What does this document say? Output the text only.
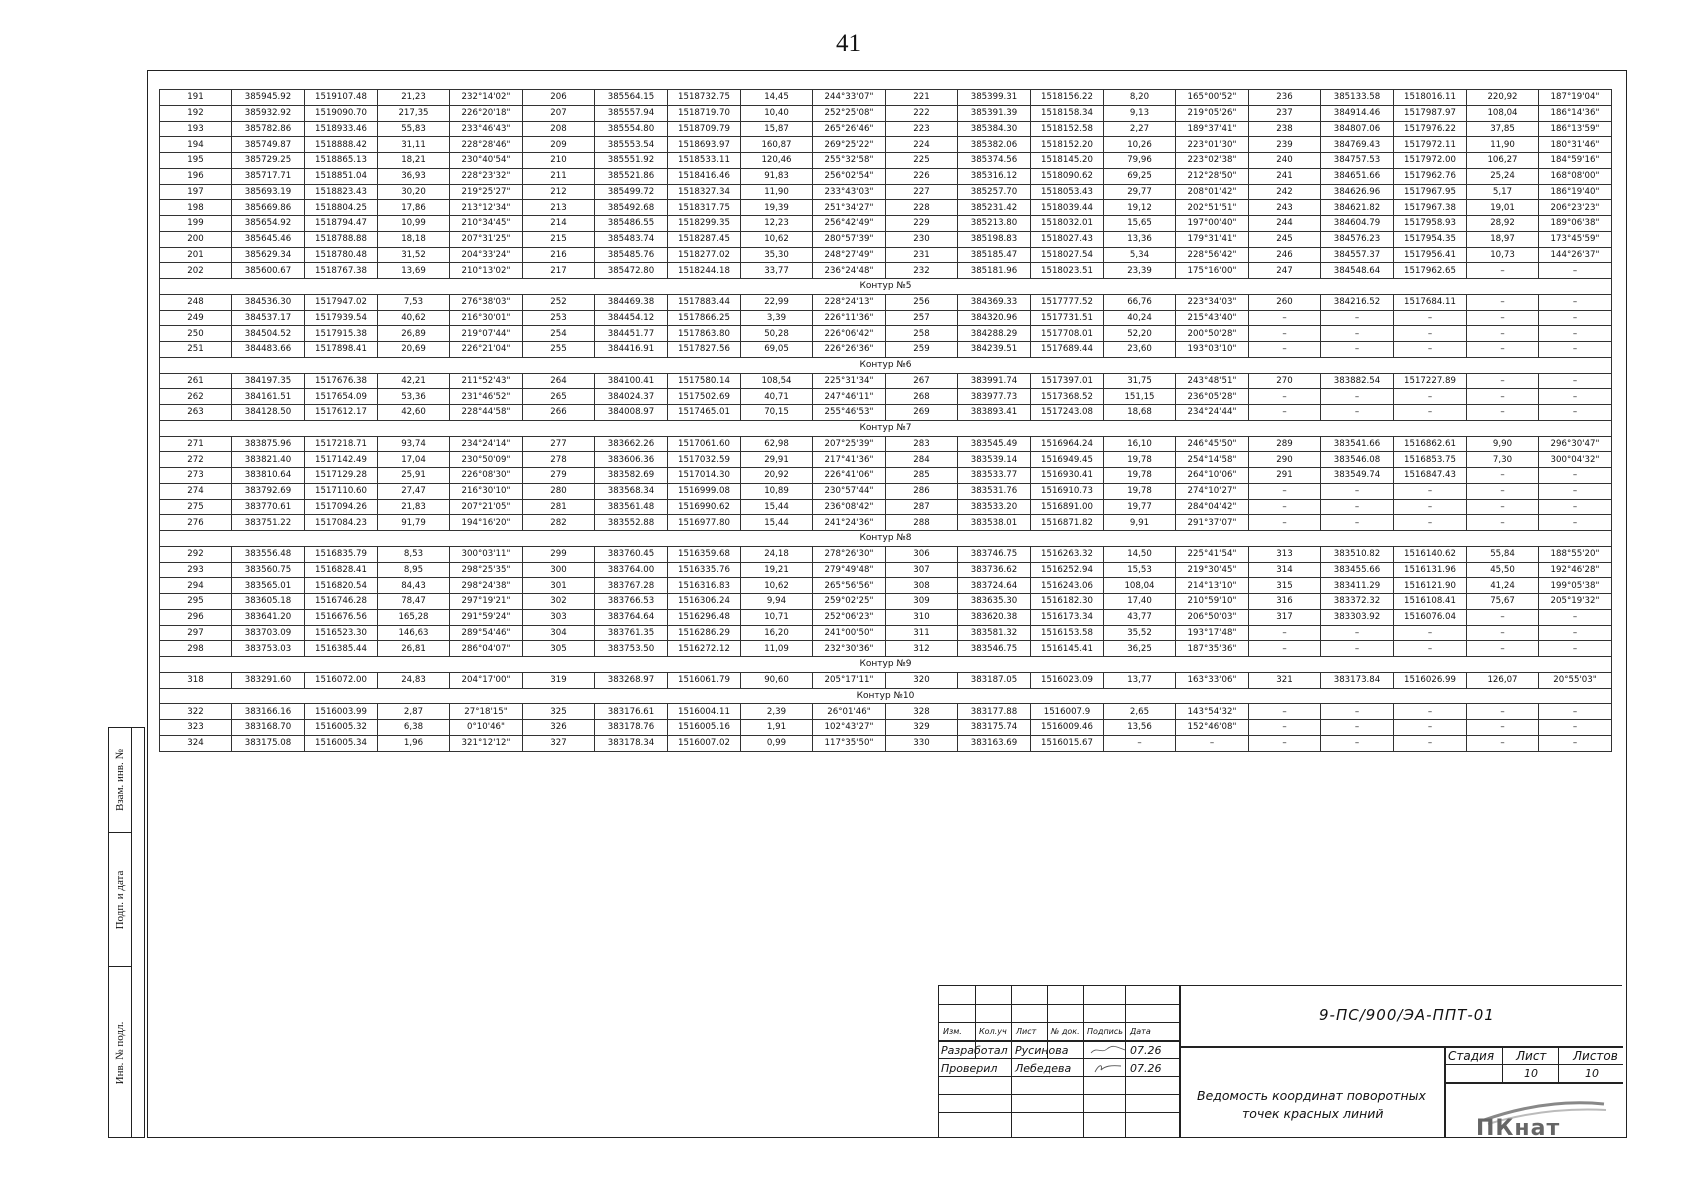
41
Взам. инв. №
Подп. и дата
Инв. № подл.
191	385945.92	1519107.48	21,23	232°14'02"	206	385564.15	1518732.75	14,45	244°33'07"	221	385399.31	1518156.22	8,20	165°00'52"	236	385133.58	1518016.11	220,92	187°19'04"
192	385932.92	1519090.70	217,35	226°20'18"	207	385557.94	1518719.70	10,40	252°25'08"	222	385391.39	1518158.34	9,13	219°05'26"	237	384914.46	1517987.97	108,04	186°14'36"
193	385782.86	1518933.46	55,83	233°46'43"	208	385554.80	1518709.79	15,87	265°26'46"	223	385384.30	1518152.58	2,27	189°37'41"	238	384807.06	1517976.22	37,85	186°13'59"
194	385749.87	1518888.42	31,11	228°28'46"	209	385553.54	1518693.97	160,87	269°25'22"	224	385382.06	1518152.20	10,26	223°01'30"	239	384769.43	1517972.11	11,90	180°31'46"
195	385729.25	1518865.13	18,21	230°40'54"	210	385551.92	1518533.11	120,46	255°32'58"	225	385374.56	1518145.20	79,96	223°02'38"	240	384757.53	1517972.00	106,27	184°59'16"
196	385717.71	1518851.04	36,93	228°23'32"	211	385521.86	1518416.46	91,83	256°02'54"	226	385316.12	1518090.62	69,25	212°28'50"	241	384651.66	1517962.76	25,24	168°08'00"
197	385693.19	1518823.43	30,20	219°25'27"	212	385499.72	1518327.34	11,90	233°43'03"	227	385257.70	1518053.43	29,77	208°01'42"	242	384626.96	1517967.95	5,17	186°19'40"
198	385669.86	1518804.25	17,86	213°12'34"	213	385492.68	1518317.75	19,39	251°34'27"	228	385231.42	1518039.44	19,12	202°51'51"	243	384621.82	1517967.38	19,01	206°23'23"
199	385654.92	1518794.47	10,99	210°34'45"	214	385486.55	1518299.35	12,23	256°42'49"	229	385213.80	1518032.01	15,65	197°00'40"	244	384604.79	1517958.93	28,92	189°06'38"
200	385645.46	1518788.88	18,18	207°31'25"	215	385483.74	1518287.45	10,62	280°57'39"	230	385198.83	1518027.43	13,36	179°31'41"	245	384576.23	1517954.35	18,97	173°45'59"
201	385629.34	1518780.48	31,52	204°33'24"	216	385485.76	1518277.02	35,30	248°27'49"	231	385185.47	1518027.54	5,34	228°56'42"	246	384557.37	1517956.41	10,73	144°26'37"
202	385600.67	1518767.38	13,69	210°13'02"	217	385472.80	1518244.18	33,77	236°24'48"	232	385181.96	1518023.51	23,39	175°16'00"	247	384548.64	1517962.65	–	–
Контур №5																			
248	384536.30	1517947.02	7,53	276°38'03"	252	384469.38	1517883.44	22,99	228°24'13"	256	384369.33	1517777.52	66,76	223°34'03"	260	384216.52	1517684.11	–	–
249	384537.17	1517939.54	40,62	216°30'01"	253	384454.12	1517866.25	3,39	226°11'36"	257	384320.96	1517731.51	40,24	215°43'40"	–	–	–	–	–
250	384504.52	1517915.38	26,89	219°07'44"	254	384451.77	1517863.80	50,28	226°06'42"	258	384288.29	1517708.01	52,20	200°50'28"	–	–	–	–	–
251	384483.66	1517898.41	20,69	226°21'04"	255	384416.91	1517827.56	69,05	226°26'36"	259	384239.51	1517689.44	23,60	193°03'10"	–	–	–	–	–
Контур №6																			
261	384197.35	1517676.38	42,21	211°52'43"	264	384100.41	1517580.14	108,54	225°31'34"	267	383991.74	1517397.01	31,75	243°48'51"	270	383882.54	1517227.89	–	–
262	384161.51	1517654.09	53,36	231°46'52"	265	384024.37	1517502.69	40,71	247°46'11"	268	383977.73	1517368.52	151,15	236°05'28"	–	–	–	–	–
263	384128.50	1517612.17	42,60	228°44'58"	266	384008.97	1517465.01	70,15	255°46'53"	269	383893.41	1517243.08	18,68	234°24'44"	–	–	–	–	–
Контур №7																			
271	383875.96	1517218.71	93,74	234°24'14"	277	383662.26	1517061.60	62,98	207°25'39"	283	383545.49	1516964.24	16,10	246°45'50"	289	383541.66	1516862.61	9,90	296°30'47"
272	383821.40	1517142.49	17,04	230°50'09"	278	383606.36	1517032.59	29,91	217°41'36"	284	383539.14	1516949.45	19,78	254°14'58"	290	383546.08	1516853.75	7,30	300°04'32"
273	383810.64	1517129.28	25,91	226°08'30"	279	383582.69	1517014.30	20,92	226°41'06"	285	383533.77	1516930.41	19,78	264°10'06"	291	383549.74	1516847.43	–	–
274	383792.69	1517110.60	27,47	216°30'10"	280	383568.34	1516999.08	10,89	230°57'44"	286	383531.76	1516910.73	19,78	274°10'27"	–	–	–	–	–
275	383770.61	1517094.26	21,83	207°21'05"	281	383561.48	1516990.62	15,44	236°08'42"	287	383533.20	1516891.00	19,77	284°04'42"	–	–	–	–	–
276	383751.22	1517084.23	91,79	194°16'20"	282	383552.88	1516977.80	15,44	241°24'36"	288	383538.01	1516871.82	9,91	291°37'07"	–	–	–	–	–
Контур №8																			
292	383556.48	1516835.79	8,53	300°03'11"	299	383760.45	1516359.68	24,18	278°26'30"	306	383746.75	1516263.32	14,50	225°41'54"	313	383510.82	1516140.62	55,84	188°55'20"
293	383560.75	1516828.41	8,95	298°25'35"	300	383764.00	1516335.76	19,21	279°49'48"	307	383736.62	1516252.94	15,53	219°30'45"	314	383455.66	1516131.96	45,50	192°46'28"
294	383565.01	1516820.54	84,43	298°24'38"	301	383767.28	1516316.83	10,62	265°56'56"	308	383724.64	1516243.06	108,04	214°13'10"	315	383411.29	1516121.90	41,24	199°05'38"
295	383605.18	1516746.28	78,47	297°19'21"	302	383766.53	1516306.24	9,94	259°02'25"	309	383635.30	1516182.30	17,40	210°59'10"	316	383372.32	1516108.41	75,67	205°19'32"
296	383641.20	1516676.56	165,28	291°59'24"	303	383764.64	1516296.48	10,71	252°06'23"	310	383620.38	1516173.34	43,77	206°50'03"	317	383303.92	1516076.04	–	–
297	383703.09	1516523.30	146,63	289°54'46"	304	383761.35	1516286.29	16,20	241°00'50"	311	383581.32	1516153.58	35,52	193°17'48"	–	–	–	–	–
298	383753.03	1516385.44	26,81	286°04'07"	305	383753.50	1516272.12	11,09	232°30'36"	312	383546.75	1516145.41	36,25	187°35'36"	–	–	–	–	–
Контур №9																			
318	383291.60	1516072.00	24,83	204°17'00"	319	383268.97	1516061.79	90,60	205°17'11"	320	383187.05	1516023.09	13,77	163°33'06"	321	383173.84	1516026.99	126,07	20°55'03"
Контур №10																			
322	383166.16	1516003.99	2,87	27°18'15"	325	383176.61	1516004.11	2,39	26°01'46"	328	383177.88	1516007.9	2,65	143°54'32"	–	–	–	–	–
323	383168.70	1516005.32	6,38	0°10'46"	326	383178.76	1516005.16	1,91	102°43'27"	329	383175.74	1516009.46	13,56	152°46'08"	–	–	–	–	–
324	383175.08	1516005.34	1,96	321°12'12"	327	383178.34	1516007.02	0,99	117°35'50"	330	383163.69	1516015.67	–	–	–	–	–	–	–
Изм. Кол.уч Лист № док. Подпись Дата
Разработал Русинова	07.26
Проверил Лебедева	07.26
9-ПС/900/ЭА-ППТ-01
Ведомость координат поворотных
точек красных линий
Стадия Лист Листов
10	10
ПКнат
